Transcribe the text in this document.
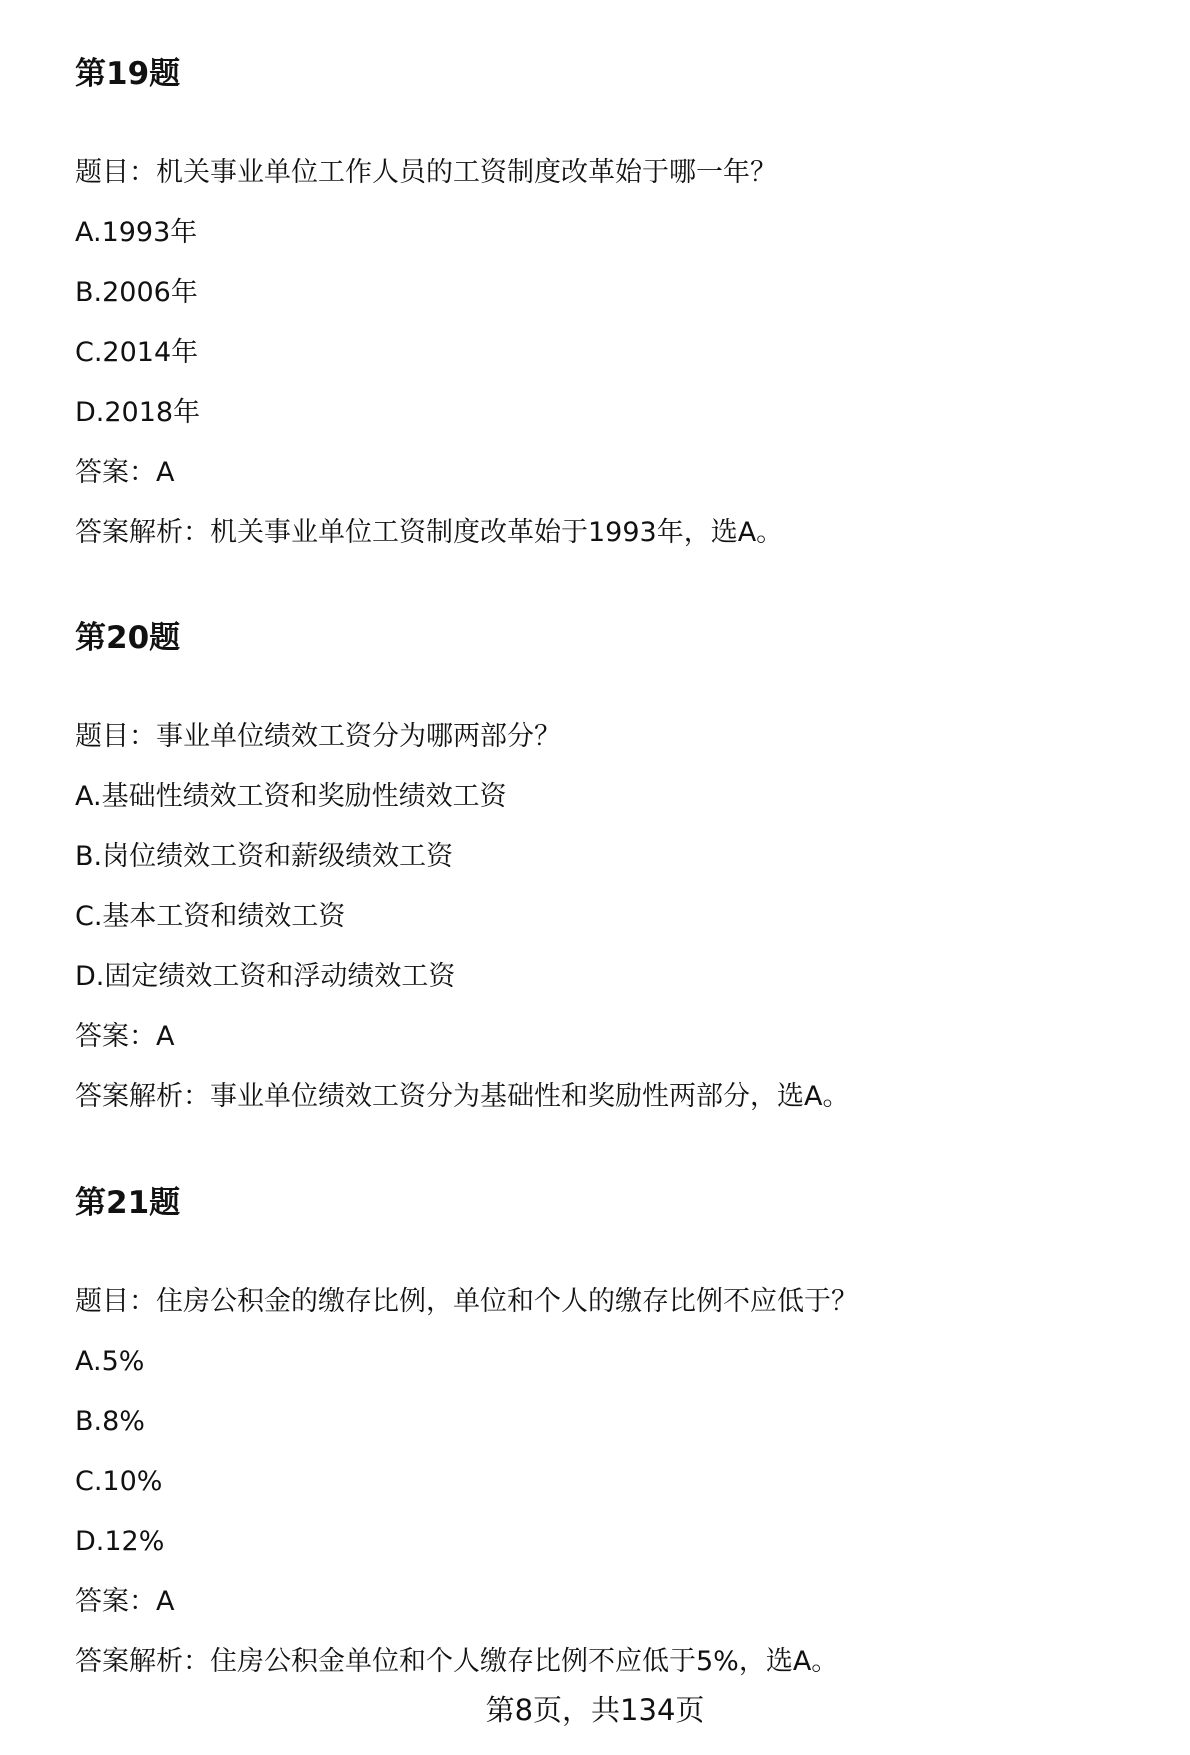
第19题
题目：机关事业单位工作人员的工资制度改革始于哪一年？
A.1993年
B.2006年
C.2014年
D.2018年
答案：A
答案解析：机关事业单位工资制度改革始于1993年，选A。
第20题
题目：事业单位绩效工资分为哪两部分？
A.基础性绩效工资和奖励性绩效工资
B.岗位绩效工资和薪级绩效工资
C.基本工资和绩效工资
D.固定绩效工资和浮动绩效工资
答案：A
答案解析：事业单位绩效工资分为基础性和奖励性两部分，选A。
第21题
题目：住房公积金的缴存比例，单位和个人的缴存比例不应低于？
A.5%
B.8%
C.10%
D.12%
答案：A
答案解析：住房公积金单位和个人缴存比例不应低于5%，选A。
第8页，共134页
